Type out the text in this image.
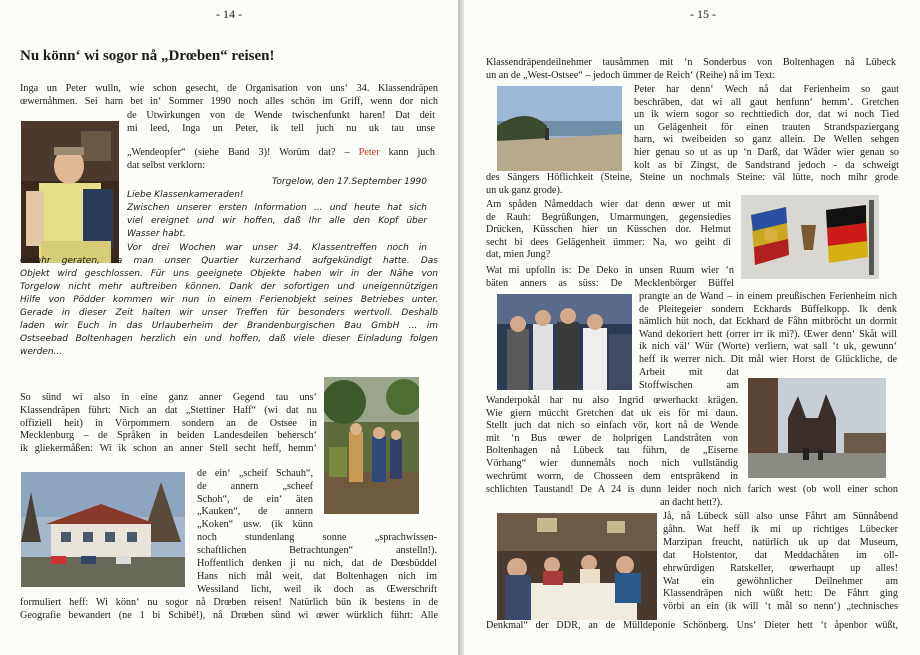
- 14 -
Nu könn‘ wi sogor nå „Drœben“ reisen!
Inga un Peter wulln, wie schon gesecht, de Organisation von uns‘ 34. Klassendräpen
œwernåhmen. Sei harn bet in‘ Sommer 1990 noch alles schön im Griff, wenn dor nich
de Utwirkungen von de Wende twischenfunkt haren! Dat deit
mi leed, Inga un Peter, ik tell juch nu uk tau unse
„Wendeopfer“ (siehe Band 3)! Worüm dat? – Peter kann juch
dat selbst verklorn:
Torgelow, den 17.September 1990
Liebe Klassenkameraden!
Zwischen unserer ersten Information ... und heute hat sich
viel ereignet und wir hoffen, daß Ihr alle den Kopf über
Wasser habt.
Vor drei Wochen war unser 34. Klassentreffen noch in
Gefahr geraten, da man unser Quartier kurzerhand aufgekündigt hatte. Das
Objekt wird geschlossen. Für uns geeignete Objekte haben wir in der Nähe von
Torgelow nicht mehr auftreiben können. Dank der sofortigen und uneigennützigen
Hilfe von Pödder kommen wir nun in einem Ferienobjekt seines Betriebes unter.
Gerade in dieser Zeit halten wir unser Treffen für besonders wertvoll. Deshalb
laden wir Euch in das Urlauberheim der Brandenburgischen Bau GmbH ... im
Ostseebad Boltenhagen herzlich ein und hoffen, daß viele dieser Einladung folgen
werden...
So sünd wi also in eine ganz anner Gegend tau uns‘
Klassendräpen führt: Nich an dat „Stettiner Haff“ (wi dat nu
offiziell heit) in Vörpommern sondern an de Ostsee in
Mecklenburg – de Språken in beiden Landesdeilen behersch‘
ik gliekermåßen: Wi ik schon an anner Stell secht heff, hemm‘
de ein‘ „scheif Schauh“,
de annern „scheef
Schoh“, de ein‘ äten
„Kauken“, de annern
„Koken“ usw. (ik künn
noch stundenlang sonne „sprachwissen-
schaftlichen Betrachtungen“ anstelln!).
Hoffentlich denken ji nu nich, dat de Dœsbüddel
Hans nich mål weit, dat Boltenhagen nich im
Wessiland licht, weil ik doch as Œwerschrift
formuliert heff: Wi könn‘ nu sogor nå Drœben reisen! Natürlich bün ik bestens in de
Geografie bewandert (ne 1 bi Schibé!), nå Drœben sünd wi œwer würklich führt: Alle
- 15 -
Klassendräpendeilnehmer tausåmmen mit ‘n Sonderbus von Boltenhagen nå Lübeck
un an de „West-Ostsee“ – jedoch ümmer de Reich‘ (Reihe) nå im Text:
Peter har denn‘ Wech nå dat Ferienheim so gaut
beschräben, dat wi all gaut henfunn‘ hemm‘. Gretchen
un ik wiern sogor so rechttiedich dor, dat wi noch Tied
un Gelägenheit för einen trauten Strandspaziergang
harn, wi tweibeiden so ganz allein. De Wellen sehgen
hier genau so ut as up ‘n Darß, dat Wåder wier genau so
kolt as bi Zingst, de Sandstrand jedoch - da schweigt
des Sängers Höflichkeit (Steine, Steine un nochmals Steine: väl lütte, noch mihr grode
un uk ganz grode).
Am spåden Nåmeddach wier dat denn œwer ut mit
de Rauh: Begrüßungen, Umarmungen, gegensiedies
Drücken, Küsschen hier un Küsschen dor. Helmut
secht bi dees Gelägenheit ümmer: Na, wo geiht di
dat, mien Jung?
Wat mi upfolln is: De Deko in unsen Ruum wier ‘n
bäten anners as süss: De Mecklenbörger Büffel
prangte an de Wand – in einem preußischen Ferienheim nich
de Pleitegeier sondern Eckhards Büffelkopp. Ik denk
nämlich hüt noch, dat Eckhard de Fåhn mitbröcht un dormit
Wand dekoriert hett (orrer irr ik mi?). Œwer denn‘ Skåt will
ik nich väl‘ Wür (Worte) verliern, wat sall ‘t uk, gewunn‘
heff ik werrer nich. Dit mål wier Horst de Glückliche, de
Arbeit mit dat
Stoffwischen am
Wanderpokål har nu also Ingrid œwerhackt krägen.
Wie giern müccht Gretchen dat uk eis för mi daun.
Stellt juch dat nich so einfach vör, kort nå de Wende
mit ‘n Bus œwer de holprigen Landstråten von
Boltenhagen nå Lübeck tau führn, de „Eiserne
Vörhang“ wier dunnemåls noch nich vullständig
wechrümt worrn, de Chosseen dem entspräkend in
schlichten Taustand! De A 24 is dunn leider noch nich farich west (ob woll einer schon
an dacht hett?).
Jå, nå Lübeck süll also unse Fåhrt am Sünnåbend
gåhn. Wat heff ik mi up richtiges Lübecker
Marzipan freucht, natürlich uk up dat Museum,
dat Holstentor, dat Meddachåten im oll-
ehrwürdigen Ratskeller, œwerhaupt up alles!
Wat ein gewöhnlicher Deilnehmer am
Klassendräpen nich wüßt hett: De Fåhrt ging
vörbi an ein (ik will ‘t mål so nenn‘) „technisches
Denkmal“ der DDR, an de Mülldeponie Schönberg. Uns‘ Dieter hett ‘t åpenbor wüßt,
